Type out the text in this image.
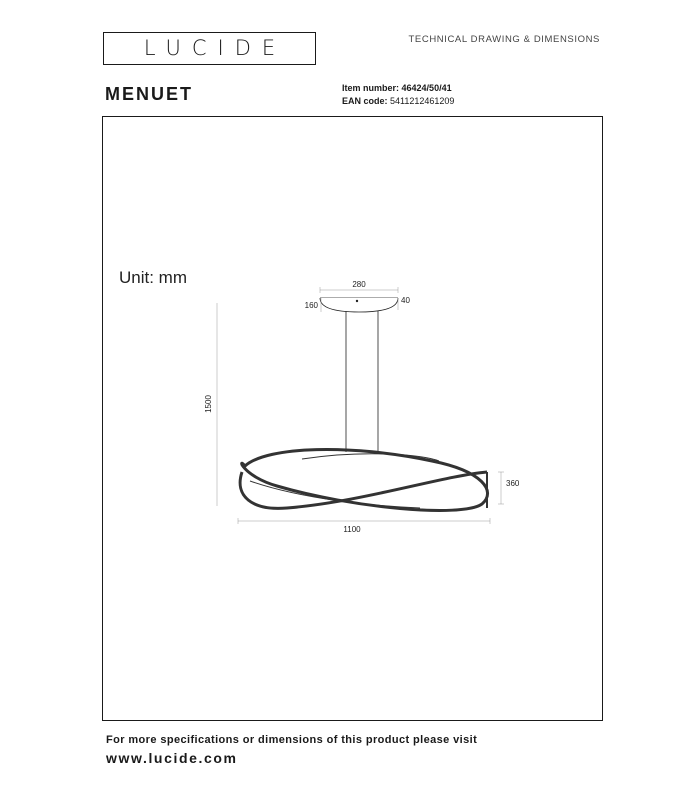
LUCIDE	TECHNICAL DRAWING & DIMENSIONS
MENUET	Item number: 46424/50/41
EAN code: 5411212461209
Unit: mm	280
160
40
1500
360
1100
For more specifications or dimensions of this product please visit
www.lucide.com
